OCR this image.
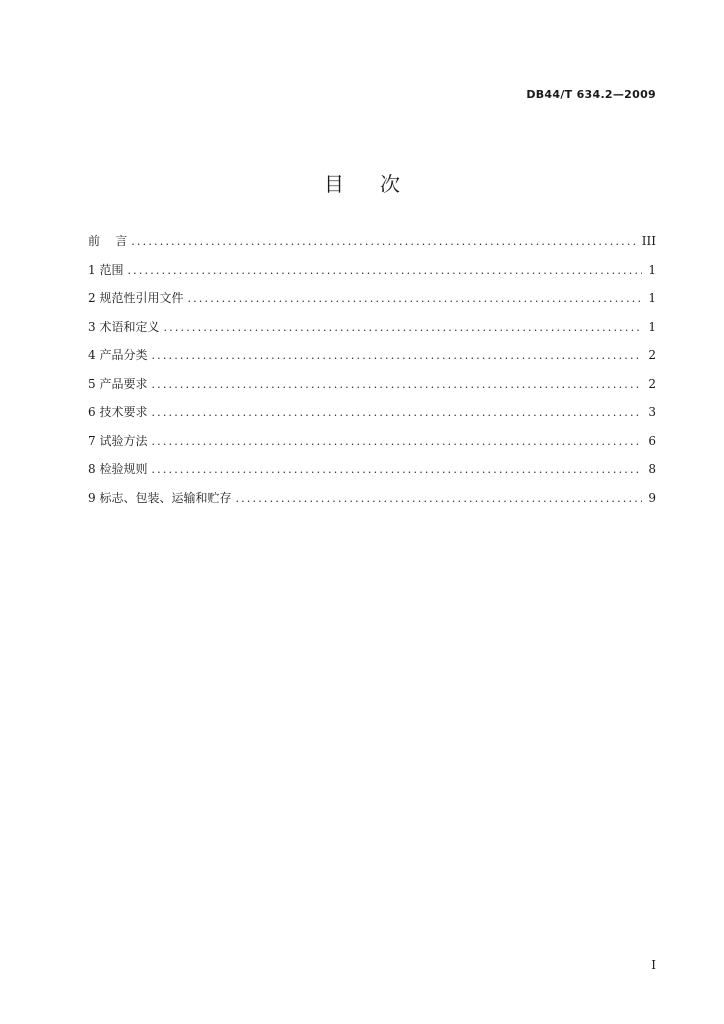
DB44/T 634.2—2009
目次
前    言 .....	III
1 范围 .....	1
2 规范性引用文件 .....	1
3 术语和定义 .....	1
4 产品分类 .....	2
5 产品要求 .....	2
6 技术要求 .....	3
7 试验方法 .....	6
8 检验规则 .....	8
9 标志、包装、运输和贮存 .....	9
I
